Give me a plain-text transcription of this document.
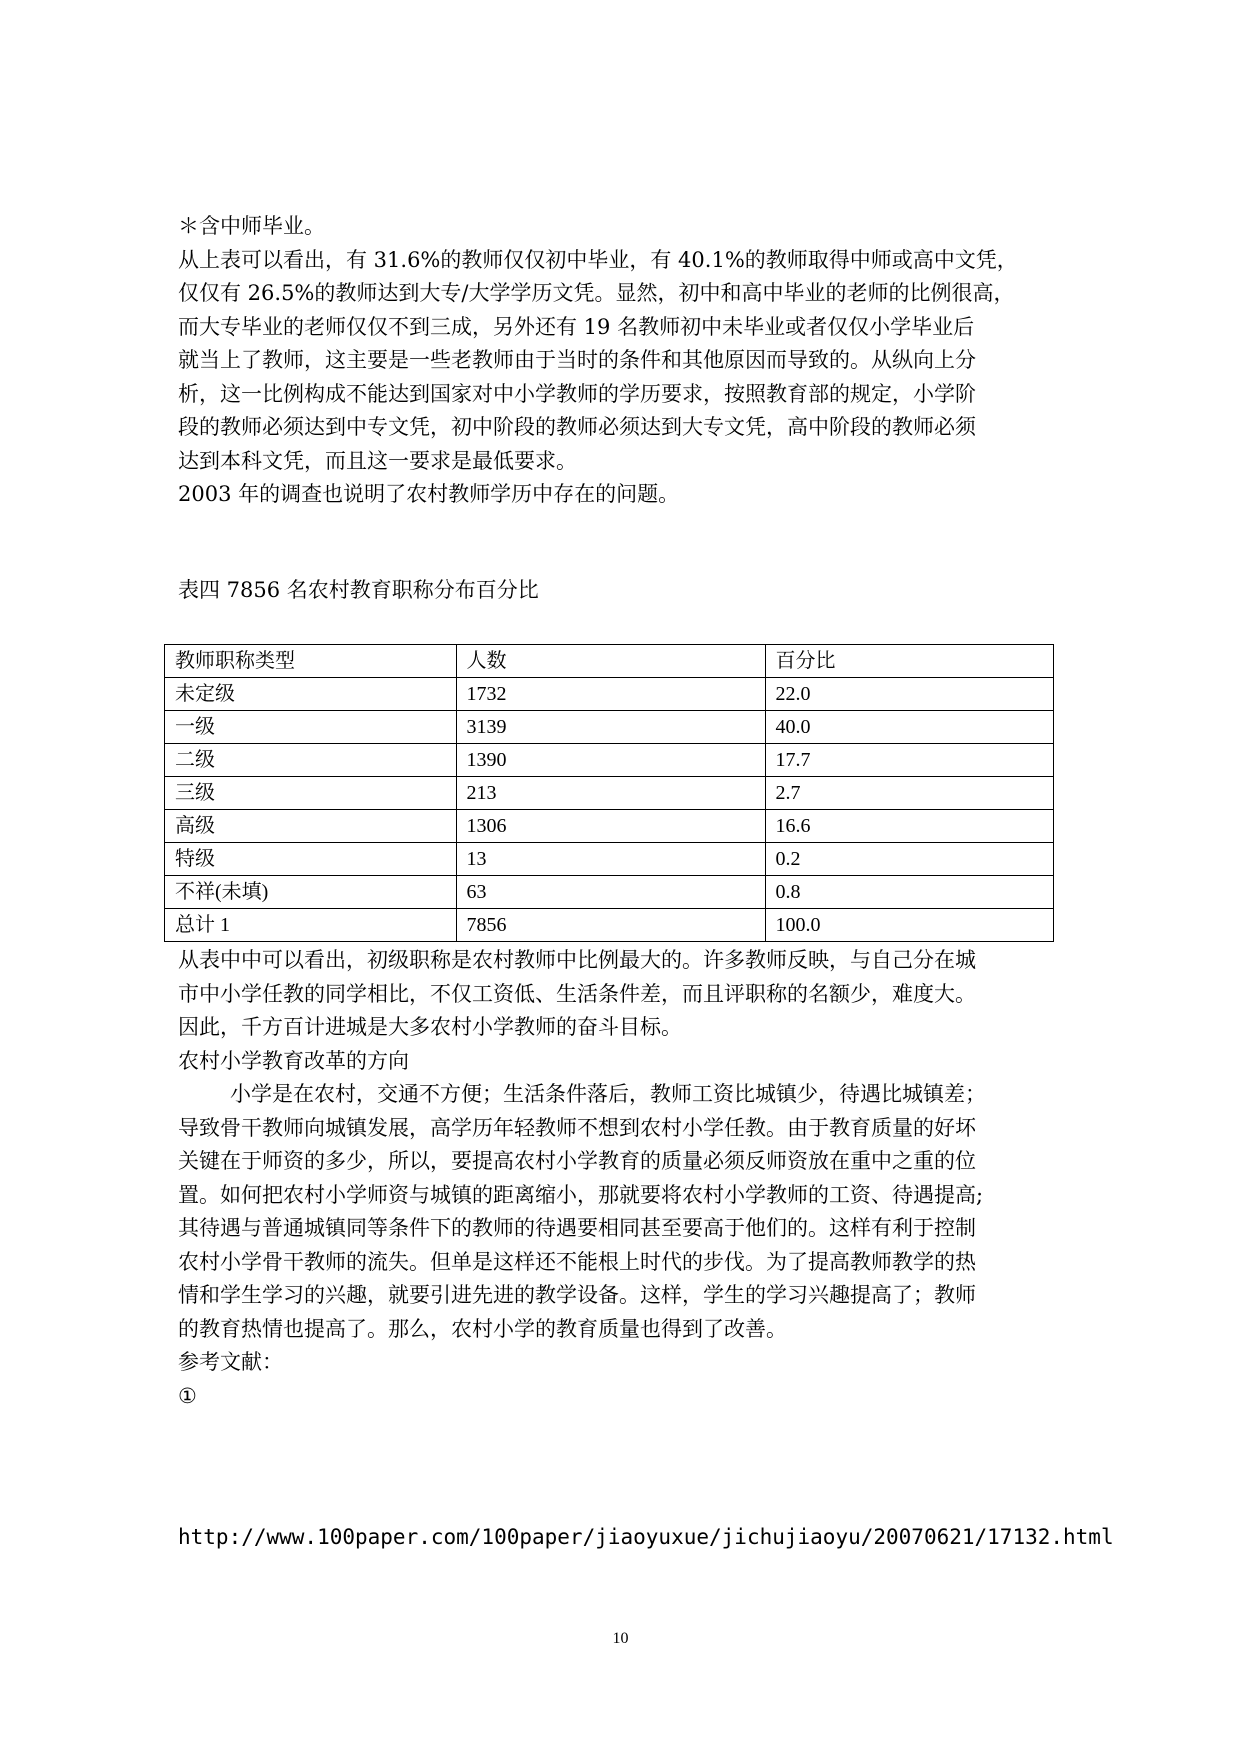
＊含中师毕业。
从上表可以看出，有 31.6%的教师仅仅初中毕业，有 40.1%的教师取得中师或高中文凭，
仅仅有 26.5%的教师达到大专/大学学历文凭。显然，初中和高中毕业的老师的比例很高，
而大专毕业的老师仅仅不到三成，另外还有 19 名教师初中未毕业或者仅仅小学毕业后
就当上了教师，这主要是一些老教师由于当时的条件和其他原因而导致的。从纵向上分
析，这一比例构成不能达到国家对中小学教师的学历要求，按照教育部的规定，小学阶
段的教师必须达到中专文凭，初中阶段的教师必须达到大专文凭，高中阶段的教师必须
达到本科文凭，而且这一要求是最低要求。
2003 年的调查也说明了农村教师学历中存在的问题。
表四 7856 名农村教育职称分布百分比
教师职称类型	人数	百分比
未定级	1732	22.0
一级	3139	40.0
二级	1390	17.7
三级	213	2.7
高级	1306	16.6
特级	13	0.2
不祥(未填)	63	0.8
总计 1	7856	100.0
从表中中可以看出，初级职称是农村教师中比例最大的。许多教师反映，与自己分在城
市中小学任教的同学相比，不仅工资低、生活条件差，而且评职称的名额少，难度大。
因此，千方百计进城是大多农村小学教师的奋斗目标。
农村小学教育改革的方向
小学是在农村，交通不方便；生活条件落后，教师工资比城镇少，待遇比城镇差；
导致骨干教师向城镇发展，高学历年轻教师不想到农村小学任教。由于教育质量的好坏
关键在于师资的多少，所以，要提高农村小学教育的质量必须反师资放在重中之重的位
置。如何把农村小学师资与城镇的距离缩小，那就要将农村小学教师的工资、待遇提高;
其待遇与普通城镇同等条件下的教师的待遇要相同甚至要高于他们的。这样有利于控制
农村小学骨干教师的流失。但单是这样还不能根上时代的步伐。为了提高教师教学的热
情和学生学习的兴趣，就要引进先进的教学设备。这样，学生的学习兴趣提高了；教师
的教育热情也提高了。那么，农村小学的教育质量也得到了改善。
参考文献：
①
http://www.100paper.com/100paper/jiaoyuxue/jichujiaoyu/20070621/17132.html
10
